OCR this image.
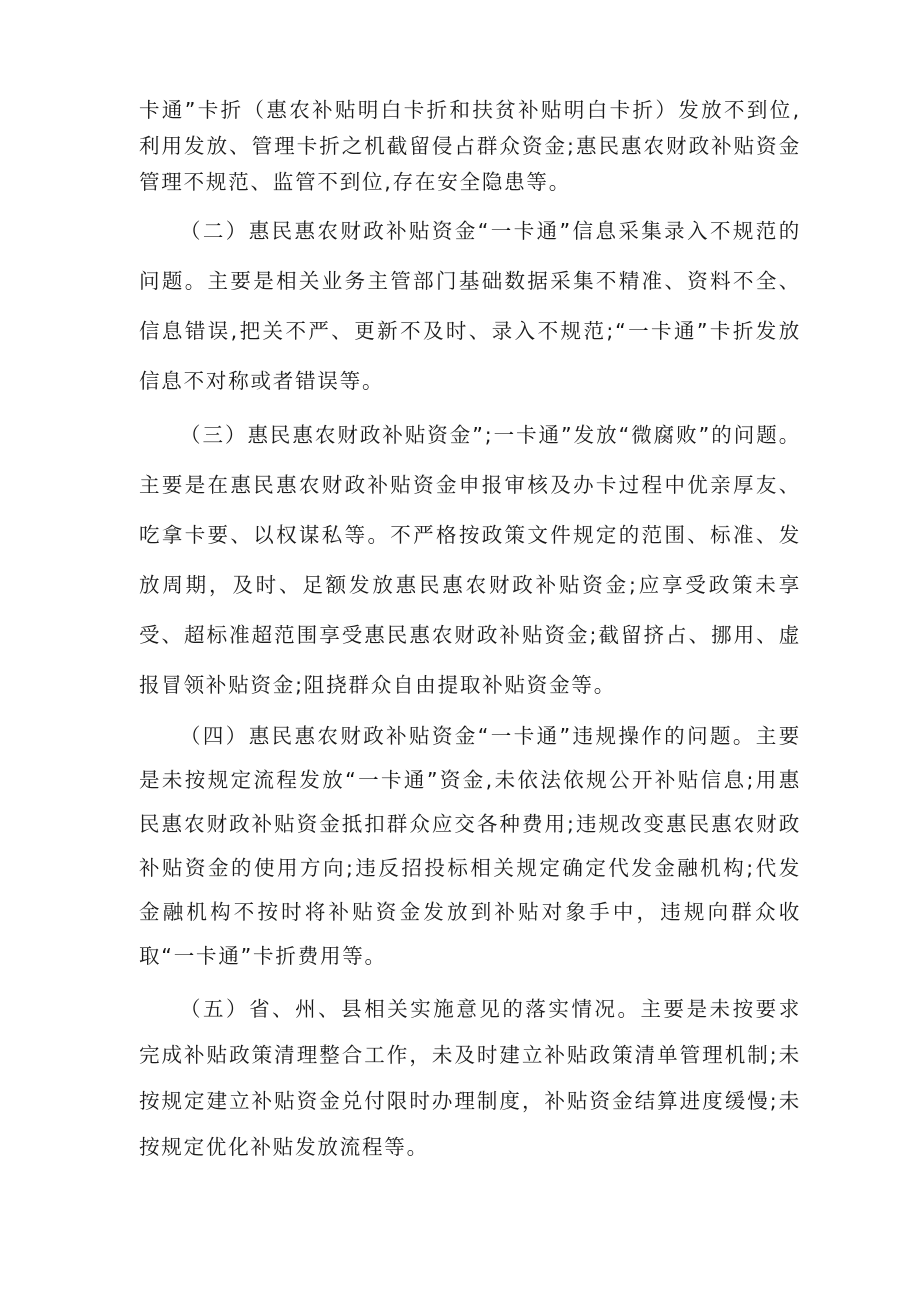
卡通”卡折（惠农补贴明白卡折和扶贫补贴明白卡折）发放不到位,利用发放、管理卡折之机截留侵占群众资金;惠民惠农财政补贴资金管理不规范、监管不到位,存在安全隐患等。

（二）惠民惠农财政补贴资金“一卡通”信息采集录入不规范的问题。主要是相关业务主管部门基础数据采集不精准、资料不全、信息错误,把关不严、更新不及时、录入不规范;“一卡通”卡折发放信息不对称或者错误等。

（三）惠民惠农财政补贴资金”;一卡通”发放“微腐败”的问题。主要是在惠民惠农财政补贴资金申报审核及办卡过程中优亲厚友、吃拿卡要、以权谋私等。不严格按政策文件规定的范围、标准、发放周期，及时、足额发放惠民惠农财政补贴资金;应享受政策未享受、超标准超范围享受惠民惠农财政补贴资金;截留挤占、挪用、虚报冒领补贴资金;阻挠群众自由提取补贴资金等。

（四）惠民惠农财政补贴资金“一卡通”违规操作的问题。主要是未按规定流程发放“一卡通”资金,未依法依规公开补贴信息;用惠民惠农财政补贴资金抵扣群众应交各种费用;违规改变惠民惠农财政补贴资金的使用方向;违反招投标相关规定确定代发金融机构;代发金融机构不按时将补贴资金发放到补贴对象手中，违规向群众收取“一卡通”卡折费用等。

（五）省、州、县相关实施意见的落实情况。主要是未按要求完成补贴政策清理整合工作，未及时建立补贴政策清单管理机制;未按规定建立补贴资金兑付限时办理制度，补贴资金结算进度缓慢;未按规定优化补贴发放流程等。
